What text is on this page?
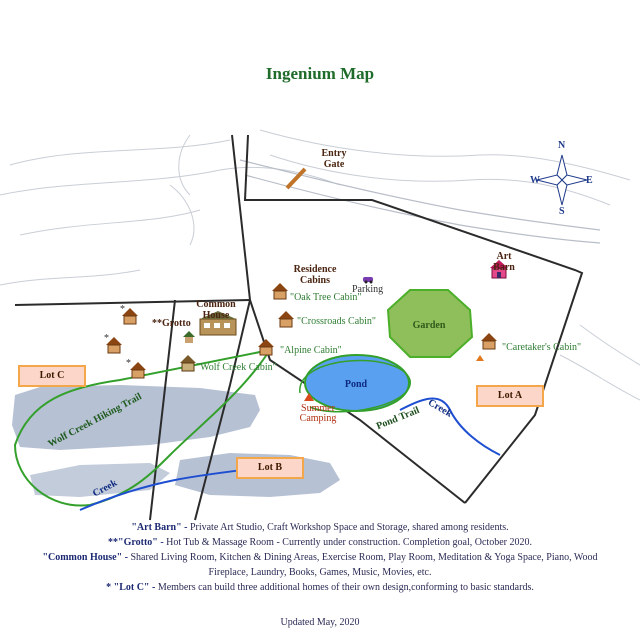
Ingenium Map
Entry Gate
Residence Cabins
Art Barn
Common House
**Grotto
Parking
Garden
"Oak Tree Cabin"
"Crossroads Cabin"
"Alpine Cabin"
"Wolf Creek Cabin"
"Caretaker's Cabin"
Pond
Pond Trail
Summer Camping	Creek
Creek
Wolf Creek Hiking Trail
*
*
*
N
E
S
W
Lot C
Lot A
Lot B
"Art Barn" - Private Art Studio, Craft Workshop Space and Storage, shared among residents.
**"Grotto" - Hot Tub & Massage Room - Currently under construction. Completion goal, October 2020.
"Common House" - Shared Living Room, Kitchen & Dining Areas, Exercise Room, Play Room, Meditation & Yoga Space, Piano, Wood Fireplace, Laundry, Books, Games, Music, Movies, etc.
* "Lot C" - Members can build three additional homes of their own design,conforming to basic standards.
Updated May, 2020
